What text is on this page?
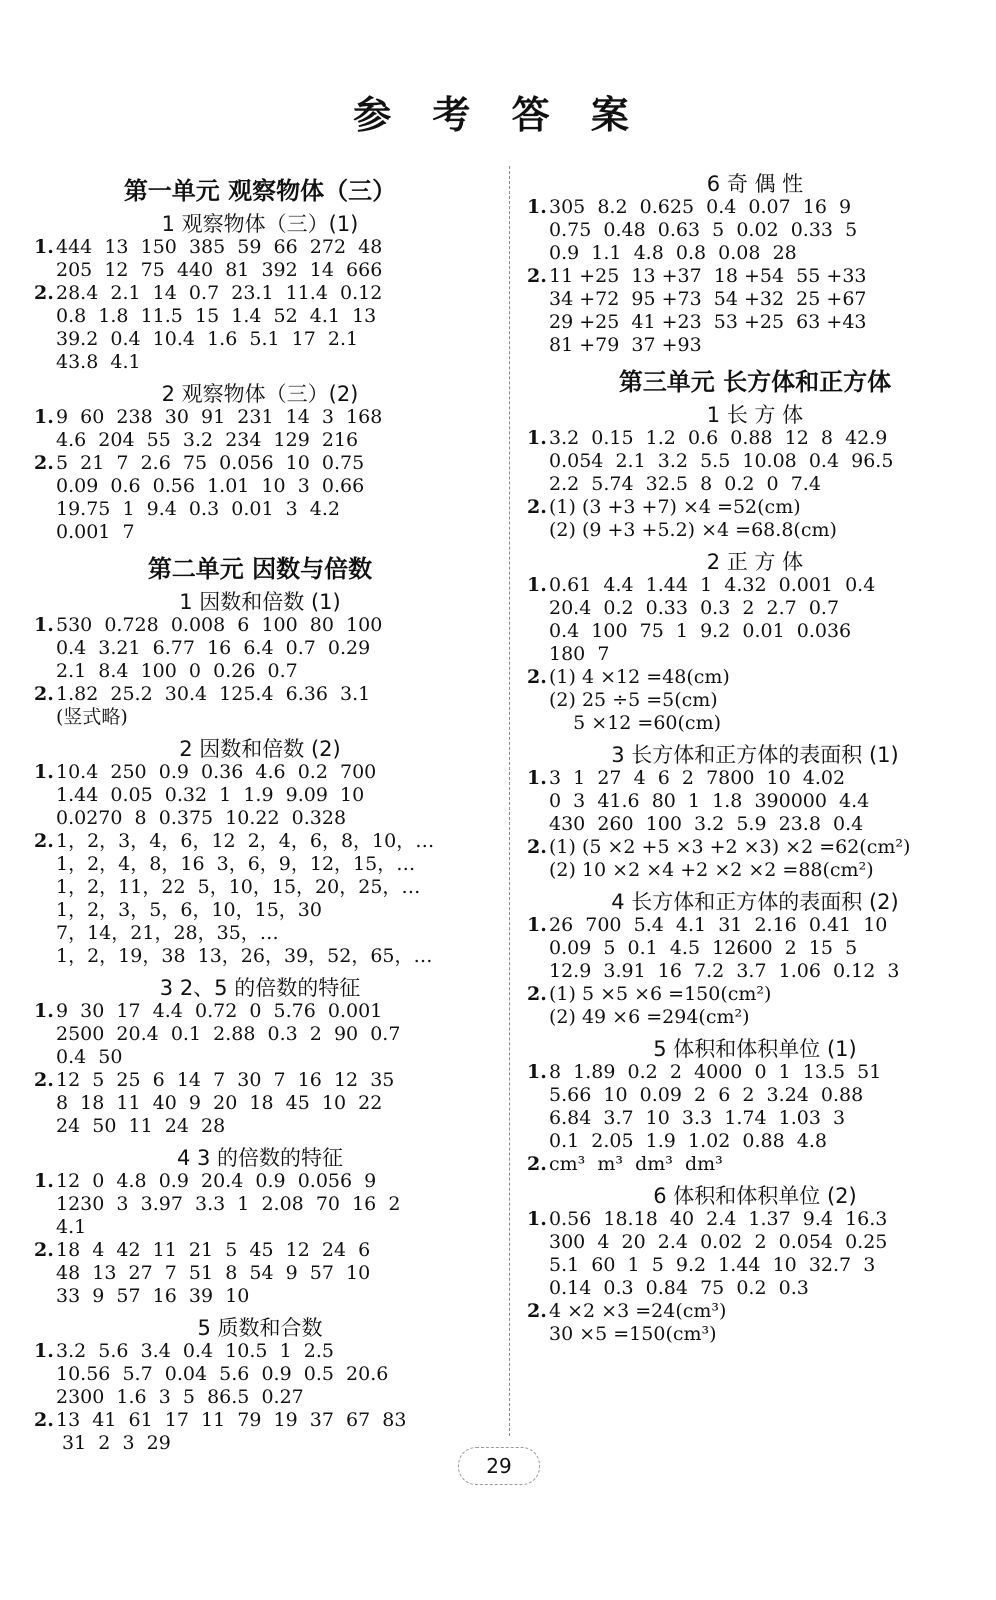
参 考 答 案
第一单元 观察物体（三）
1 观察物体（三）(1)
1. 444  13  150  385  59  66  272  48
205  12  75  440  81  392  14  666
2. 28.4  2.1  14  0.7  23.1  11.4  0.12
0.8  1.8  11.5  15  1.4  52  4.1  13
39.2  0.4  10.4  1.6  5.1  17  2.1
43.8  4.1
2 观察物体（三）(2)
1. 9  60  238  30  91  231  14  3  168
4.6  204  55  3.2  234  129  216
2. 5  21  7  2.6  75  0.056  10  0.75
0.09  0.6  0.56  1.01  10  3  0.66
19.75  1  9.4  0.3  0.01  3  4.2
0.001  7
第二单元 因数与倍数
1 因数和倍数 (1)
1. 530  0.728  0.008  6  100  80  100
0.4  3.21  6.77  16  6.4  0.7  0.29
2.1  8.4  100  0  0.26  0.7
2. 1.82  25.2  30.4  125.4  6.36  3.1
(竖式略)
2 因数和倍数 (2)
1. 10.4  250  0.9  0.36  4.6  0.2  700
1.44  0.05  0.32  1  1.9  9.09  10
0.0270  8  0.375  10.22  0.328
2. 1，2，3，4，6，12  2，4，6，8，10，…
1，2，4，8，16  3，6，9，12，15，…
1，2，11，22  5，10，15，20，25，…
1，2，3，5，6，10，15，30
7，14，21，28，35，…
1，2，19，38  13，26，39，52，65，…
3 2、5 的倍数的特征
1. 9  30  17  4.4  0.72  0  5.76  0.001
2500  20.4  0.1  2.88  0.3  2  90  0.7
0.4  50
2. 12  5  25  6  14  7  30  7  16  12  35
8  18  11  40  9  20  18  45  10  22
24  50  11  24  28
4 3 的倍数的特征
1. 12  0  4.8  0.9  20.4  0.9  0.056  9
1230  3  3.97  3.3  1  2.08  70  16  2
4.1
2. 18  4  42  11  21  5  45  12  24  6
48  13  27  7  51  8  54  9  57  10
33  9  57  16  39  10
5 质数和合数
1. 3.2  5.6  3.4  0.4  10.5  1  2.5
10.56  5.7  0.04  5.6  0.9  0.5  20.6
2300  1.6  3  5  86.5  0.27
2. 13  41  61  17  11  79  19  37  67  83
31  2  3  29
6 奇 偶 性
1. 305  8.2  0.625  0.4  0.07  16  9
0.75  0.48  0.63  5  0.02  0.33  5
0.9  1.1  4.8  0.8  0.08  28
2. 11 +25  13 +37  18 +54  55 +33
34 +72  95 +73  54 +32  25 +67
29 +25  41 +23  53 +25  63 +43
81 +79  37 +93
第三单元 长方体和正方体
1 长 方 体
1. 3.2  0.15  1.2  0.6  0.88  12  8  42.9
0.054  2.1  3.2  5.5  10.08  0.4  96.5
2.2  5.74  32.5  8  0.2  0  7.4
2. (1) (3 +3 +7) ×4 =52(cm)
(2) (9 +3 +5.2) ×4 =68.8(cm)
2 正 方 体
1. 0.61  4.4  1.44  1  4.32  0.001  0.4
20.4  0.2  0.33  0.3  2  2.7  0.7
0.4  100  75  1  9.2  0.01  0.036
180  7
2. (1) 4 ×12 =48(cm)
(2) 25 ÷5 =5(cm)
5 ×12 =60(cm)
3 长方体和正方体的表面积 (1)
1. 3  1  27  4  6  2  7800  10  4.02
0  3  41.6  80  1  1.8  390000  4.4
430  260  100  3.2  5.9  23.8  0.4
2. (1) (5 ×2 +5 ×3 +2 ×3) ×2 =62(cm²)
(2) 10 ×2 ×4 +2 ×2 ×2 =88(cm²)
4 长方体和正方体的表面积 (2)
1. 26  700  5.4  4.1  31  2.16  0.41  10
0.09  5  0.1  4.5  12600  2  15  5
12.9  3.91  16  7.2  3.7  1.06  0.12  3
2. (1) 5 ×5 ×6 =150(cm²)
(2) 49 ×6 =294(cm²)
5 体积和体积单位 (1)
1. 8  1.89  0.2  2  4000  0  1  13.5  51
5.66  10  0.09  2  6  2  3.24  0.88
6.84  3.7  10  3.3  1.74  1.03  3
0.1  2.05  1.9  1.02  0.88  4.8
2. cm³  m³  dm³  dm³
6 体积和体积单位 (2)
1. 0.56  18.18  40  2.4  1.37  9.4  16.3
300  4  20  2.4  0.02  2  0.054  0.25
5.1  60  1  5  9.2  1.44  10  32.7  3
0.14  0.3  0.84  75  0.2  0.3
2. 4 ×2 ×3 =24(cm³)
30 ×5 =150(cm³)
29
